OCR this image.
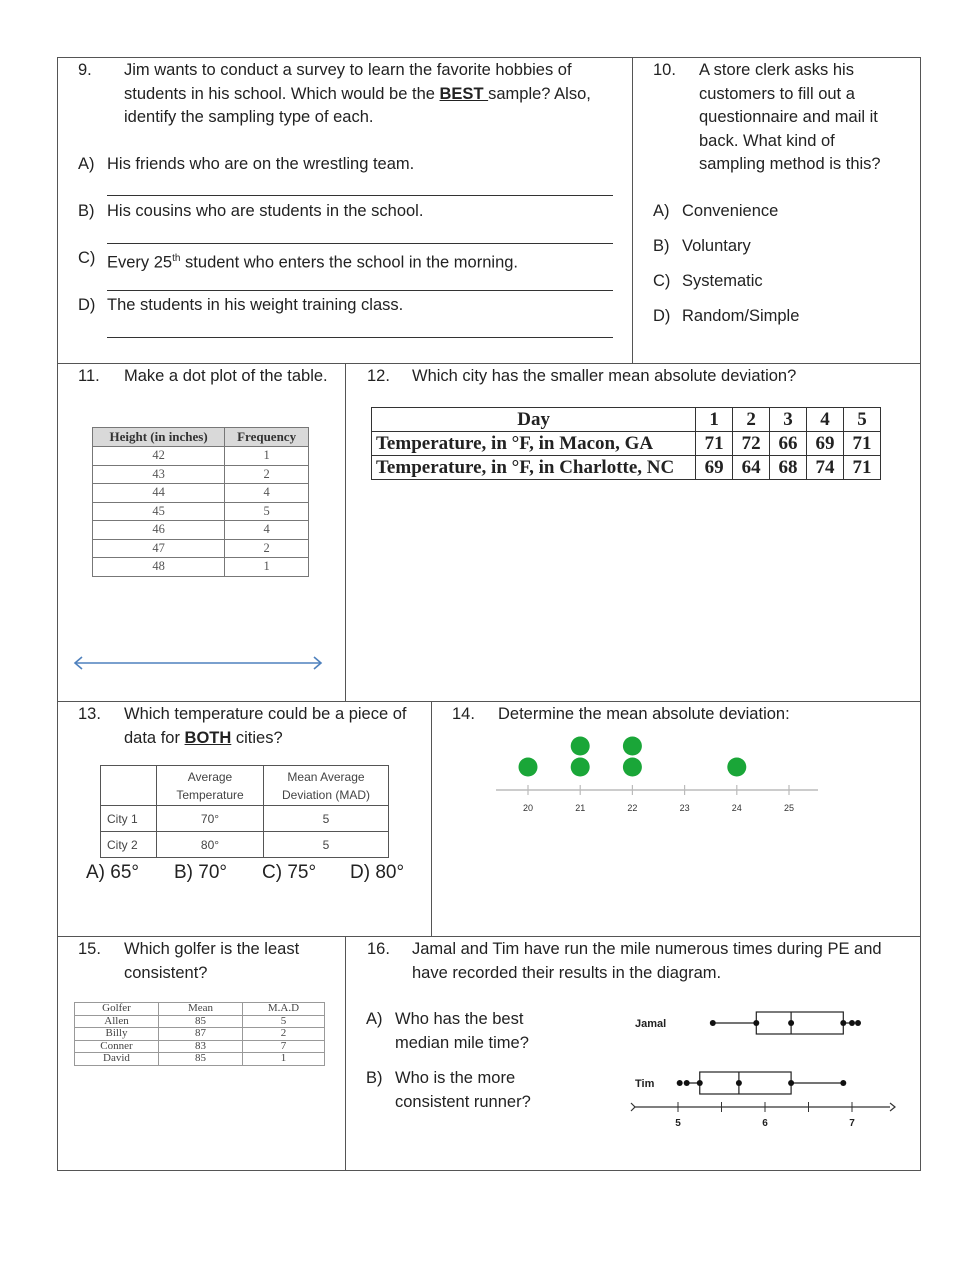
9. Jim wants to conduct a survey to learn the favorite hobbies of students in his school. Which would be the BEST sample? Also, identify the sampling type of each.
A) His friends who are on the wrestling team.
B) His cousins who are students in the school.
C) Every 25th student who enters the school in the morning.
D) The students in his weight training class.
10. A store clerk asks his customers to fill out a questionnaire and mail it back. What kind of sampling method is this?
A) Convenience
B) Voluntary
C) Systematic
D) Random/Simple
11. Make a dot plot of the table.
Height (in inches)	Frequency
42	1
43	2
44	4
45	5
46	4
47	2
48	1
12. Which city has the smaller mean absolute deviation?
Day	1	2	3	4	5
Temperature, in °F, in Macon, GA	71	72	66	69	71
Temperature, in °F, in Charlotte, NC	69	64	68	74	71
13. Which temperature could be a piece of data for BOTH cities?
	Average Temperature	Mean Average Deviation (MAD)
City 1	70°	5
City 2	80°	5
A) 65° B) 70° C) 75° D) 80°
14. Determine the mean absolute deviation:
20	21	22	23	24	25
15. Which golfer is the least consistent?
Golfer	Mean	M.A.D
Allen	85	5
Billy	87	2
Conner	83	7
David	85	1
16. Jamal and Tim have run the mile numerous times during PE and have recorded their results in the diagram.
A) Who has the best median mile time?
B) Who is the more consistent runner?
5	6	7
Jamal
Tim
